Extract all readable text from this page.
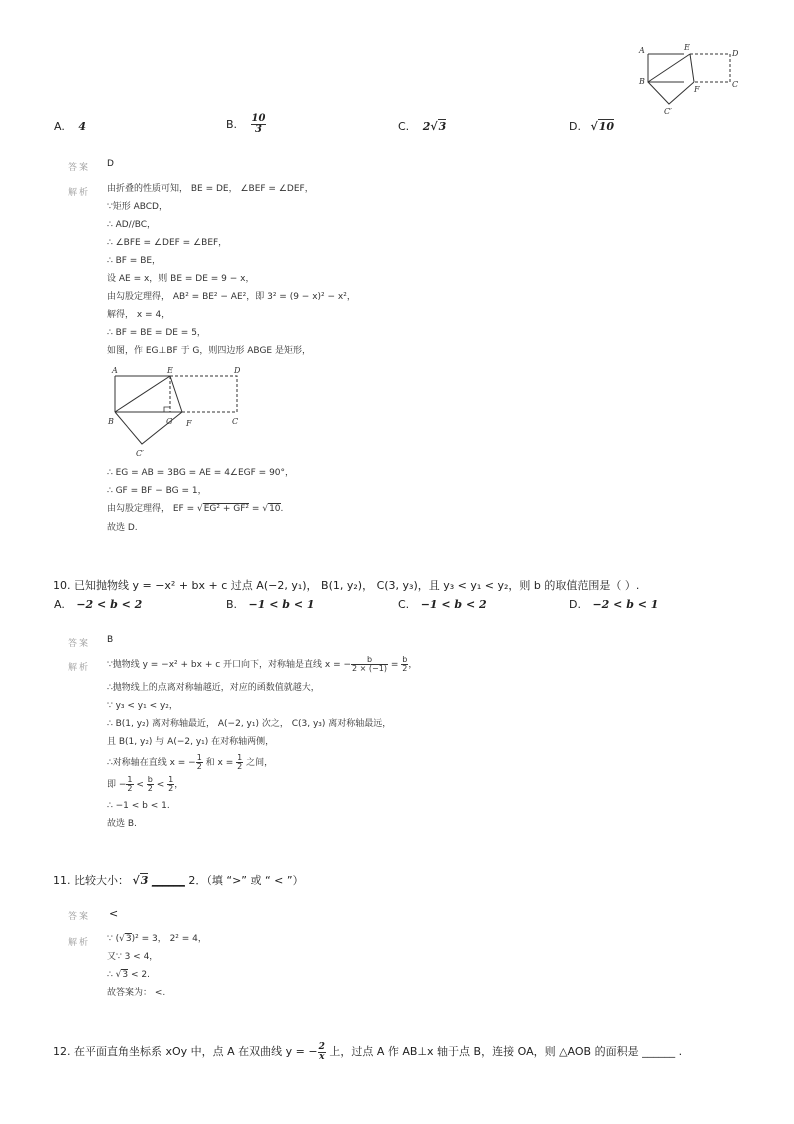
A
B	C
D
E
F
C′
A. 4	B. $\frac{10}{3}$	C. 2√3	D. √10
答案 D
解析 由折叠的性质可知， BE = DE， ∠BEF = ∠DEF，
∵矩形 ABCD，
∴ AD//BC，
∴ ∠BFE = ∠DEF = ∠BEF，
∴ BF = BE，
设 AE = x，则 BE = DE = 9 − x，
由勾股定理得， AB² = BE² − AE²，即 3² = (9 − x)² − x²，
解得， x = 4，
∴ BF = BE = DE = 5，
如图，作 EG⊥BF 于 G，则四边形 ABGE 是矩形，
A
B	C
D
E
F
G
C′
∴ EG = AB = 3BG = AE = 4∠EGF = 90°，
∴ GF = BF − BG = 1，
由勾股定理得， EF = √EG² + GF² = √10.
故选 D.
10. 已知抛物线 y = −x² + bx + c 过点 A(−2, y₁)， B(1, y₂)， C(3, y₃)，且 y₃ < y₁ < y₂，则 b 的取值范围是（ ）.
A. −2 < b < 2	B. −1 < b < 1	C. −1 < b < 2	D. −2 < b < 1
答案 B
解析 ∵抛物线 y = −x² + bx + c 开口向下，对称轴是直线 x = − $\frac{b}{2 \times (-1)} = \frac{b}{2}$ ，
∴抛物线上的点离对称轴越近，对应的函数值就越大，
∵ y₃ < y₁ < y₂，
∴ B(1, y₂) 离对称轴最近， A(−2, y₁) 次之， C(3, y₃) 离对称轴最远，
且 B(1, y₂) 与 A(−2, y₁) 在对称轴两侧，
∴对称轴在直线 x = − $\frac{1}{2}$ 和 $x = \frac{1}{2}$ 之间，
即 − $\frac{1}{2} < \frac{b}{2} < \frac{1}{2}$ ，
∴ −1 < b < 1.
故选 B.
11. 比较大小： √3 ______ 2．（填 “>” 或 “ < ”）
答案 <
解析 ∵ (√3)² = 3， 2² = 4，
又∵ 3 < 4，
∴ √3 < 2.
故答案为： <.
12. 在平面直角坐标系 xOy 中，点 A 在双曲线 y = − $\frac{2}{x}$ 上，过点 A 作 AB⊥x 轴于点 B，连接 OA，则 △AOB 的面积是 ______ .
